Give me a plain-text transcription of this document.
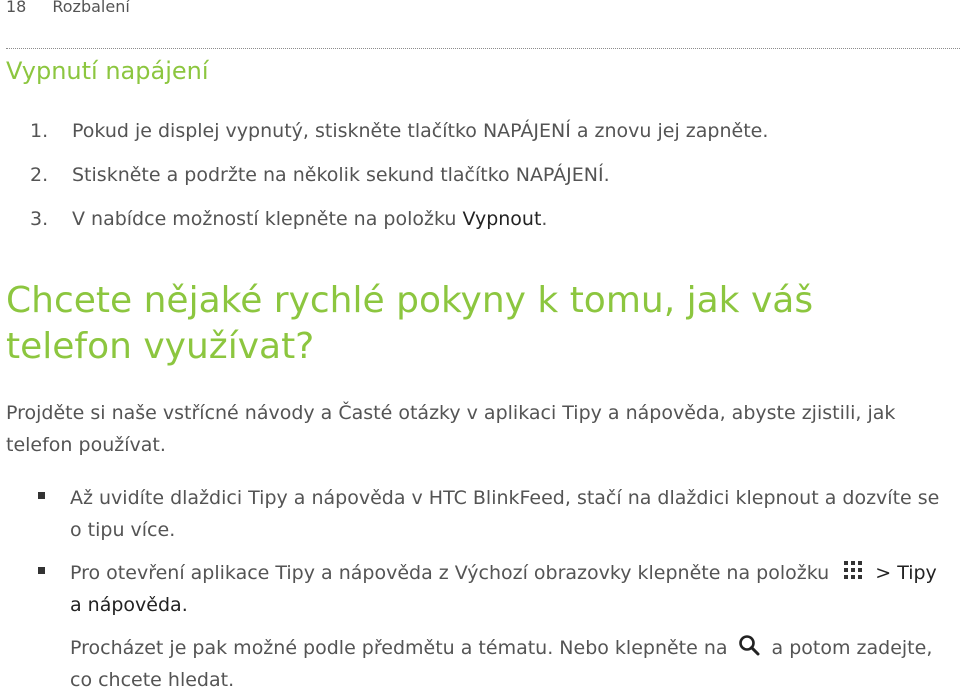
18 Rozbalení
Vypnutí napájení
1. Pokud je displej vypnutý, stiskněte tlačítko NAPÁJENÍ a znovu jej zapněte.
2. Stiskněte a podržte na několik sekund tlačítko NAPÁJENÍ.
3. V nabídce možností klepněte na položku Vypnout.
Chcete nějaké rychlé pokyny k tomu, jak váš telefon využívat?

Projděte si naše vstřícné návody a Časté otázky v aplikaci Tipy a nápověda, abyste zjistili, jak telefon používat.

Až uvidíte dlaždici Tipy a nápověda v HTC BlinkFeed, stačí na dlaždici klepnout a dozvíte se o tipu více.
Pro otevření aplikace Tipy a nápověda z Výchozí obrazovky klepněte na položku > Tipy a nápověda.
Procházet je pak možné podle předmětu a tématu. Nebo klepněte na a potom zadejte, co chcete hledat.
